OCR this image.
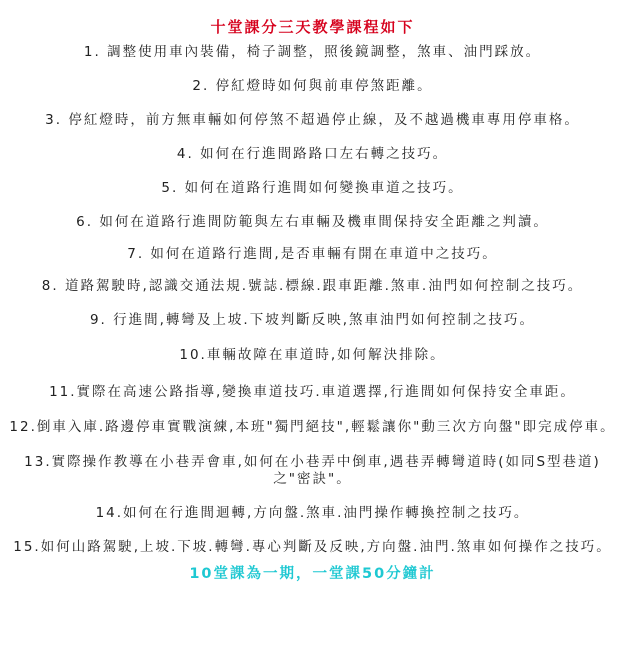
十堂課分三天教學課程如下
1. 調整使用車內裝備，椅子調整，照後鏡調整，煞車、油門踩放。
2. 停紅燈時如何與前車停煞距離。
3. 停紅燈時，前方無車輛如何停煞不超過停止線，及不越過機車專用停車格。
4. 如何在行進間路路口左右轉之技巧。
5. 如何在道路行進間如何變換車道之技巧。
6. 如何在道路行進間防範與左右車輛及機車間保持安全距離之判讀。
7. 如何在道路行進間,是否車輛有開在車道中之技巧。
8. 道路駕駛時,認識交通法規.號誌.標線.跟車距離.煞車.油門如何控制之技巧。
9. 行進間,轉彎及上坡.下坡判斷反映,煞車油門如何控制之技巧。
10.車輛故障在車道時,如何解決排除。
11.實際在高速公路指導,變換車道技巧.車道選擇,行進間如何保持安全車距。
12.倒車入庫.路邊停車實戰演練,本班"獨門絕技",輕鬆讓你"動三次方向盤"即完成停車。
13.實際操作教導在小巷弄會車,如何在小巷弄中倒車,遇巷弄轉彎道時(如同S型巷道)之"密訣"。
14.如何在行進間迴轉,方向盤.煞車.油門操作轉換控制之技巧。
15.如何山路駕駛,上坡.下坡.轉彎.專心判斷及反映,方向盤.油門.煞車如何操作之技巧。
10堂課為一期，一堂課50分鐘計
